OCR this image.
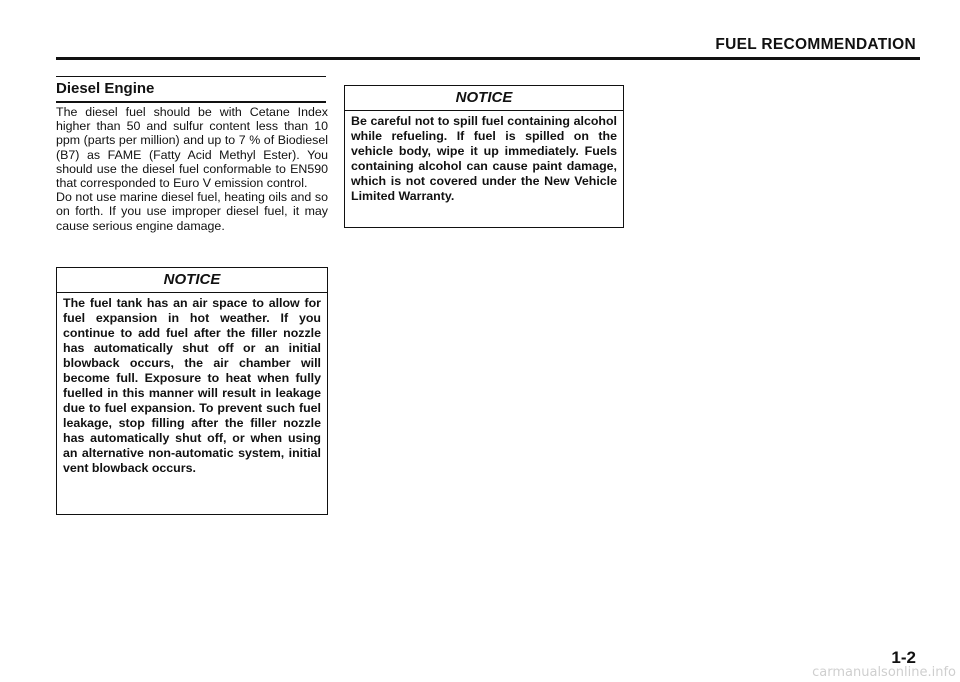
FUEL RECOMMENDATION
Diesel Engine

The diesel fuel should be with Cetane Index higher than 50 and sulfur content less than 10 ppm (parts per million) and up to 7 % of Biodiesel (B7) as FAME (Fatty Acid Methyl Ester). You should use the diesel fuel conformable to EN590 that corresponded to Euro V emission control.

Do not use marine diesel fuel, heating oils and so on forth. If you use improper diesel fuel, it may cause serious engine damage.

NOTICE
The fuel tank has an air space to allow for fuel expansion in hot weather. If you continue to add fuel after the filler nozzle has automatically shut off or an initial blowback occurs, the air chamber will become full. Exposure to heat when fully fuelled in this manner will result in leakage due to fuel expansion. To prevent such fuel leakage, stop filling after the filler nozzle has automatically shut off, or when using an alternative non-automatic system, initial vent blowback occurs.
NOTICE
Be careful not to spill fuel containing alcohol while refueling. If fuel is spilled on the vehicle body, wipe it up immediately. Fuels containing alcohol can cause paint damage, which is not covered under the New Vehicle Limited Warranty.
1-2
carmanualsonline.info
